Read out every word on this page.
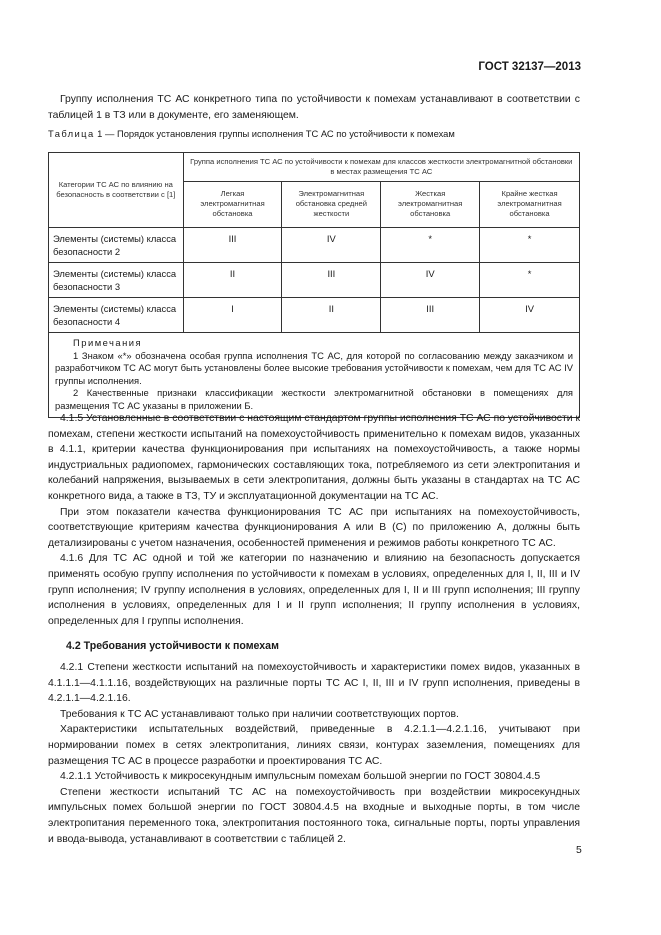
ГОСТ 32137—2013

Группу исполнения ТС АС конкретного типа по устойчивости к помехам устанавливают в соответствии с таблицей 1 в ТЗ или в документе, его заменяющем.

Таблица 1 — Порядок установления группы исполнения ТС АС по устойчивости к помехам
Категории ТС АС по влиянию на безопасность в соответствии с [1]	Группа исполнения ТС АС по устойчивости к помехам для классов жесткости электромагнитной обстановки в местах размещения ТС АС			
	Легкая электромагнитная обстановка	Электромагнитная обстановка средней жесткости	Жесткая электромагнитная обстановка	Крайне жесткая электромагнитная обстановка
Элементы (системы) класса безопасности 2	III	IV	*	*
Элементы (системы) класса безопасности 3	II	III	IV	*
Элементы (системы) класса безопасности 4	I	II	III	IV

Примечания

1 Знаком «*» обозначена особая группа исполнения ТС АС, для которой по согласованию между заказчиком и разработчиком ТС АС могут быть установлены более высокие требования устойчивости к помехам, чем для ТС АС IV группы исполнения.

2 Качественные признаки классификации жесткости электромагнитной обстановки в помещениях для размещения ТС АС указаны в приложении Б.				

4.1.5 Установленные в соответствии с настоящим стандартом группы исполнения ТС АС по устойчивости к помехам, степени жесткости испытаний на помехоустойчивость применительно к помехам видов, указанных в 4.1.1, критерии качества функционирования при испытаниях на помехоустойчивость, а также нормы индустриальных радиопомех, гармонических составляющих тока, потребляемого из сети электропитания и колебаний напряжения, вызываемых в сети электропитания, должны быть указаны в стандартах на ТС АС конкретного вида, а также в ТЗ, ТУ и эксплуатационной документации на ТС АС.

При этом показатели качества функционирования ТС АС при испытаниях на помехоустойчивость, соответствующие критериям качества функционирования A или B (C) по приложению A, должны быть детализированы с учетом назначения, особенностей применения и режимов работы конкретного ТС АС.

4.1.6 Для ТС АС одной и той же категории по назначению и влиянию на безопасность допускается применять особую группу исполнения по устойчивости к помехам в условиях, определенных для I, II, III и IV групп исполнения; IV группу исполнения в условиях, определенных для I, II и III групп исполнения; III группу исполнения в условиях, определенных для I и II групп исполнения; II группу исполнения в условиях, определенных для I группы исполнения.

4.2 Требования устойчивости к помехам

4.2.1 Степени жесткости испытаний на помехоустойчивость и характеристики помех видов, указанных в 4.1.1.1—4.1.1.16, воздействующих на различные порты ТС АС I, II, III и IV групп исполнения, приведены в 4.2.1.1—4.2.1.16.

Требования к ТС АС устанавливают только при наличии соответствующих портов.

Характеристики испытательных воздействий, приведенные в 4.2.1.1—4.2.1.16, учитывают при нормировании помех в сетях электропитания, линиях связи, контурах заземления, помещениях для размещения ТС АС в процессе разработки и проектирования ТС АС.

4.2.1.1 Устойчивость к микросекундным импульсным помехам большой энергии по ГОСТ 30804.4.5

Степени жесткости испытаний ТС АС на помехоустойчивость при воздействии микросекундных импульсных помех большой энергии по ГОСТ 30804.4.5 на входные и выходные порты, в том числе электропитания переменного тока, электропитания постоянного тока, сигнальные порты, порты управления и ввода-вывода, устанавливают в соответствии с таблицей 2.

5
